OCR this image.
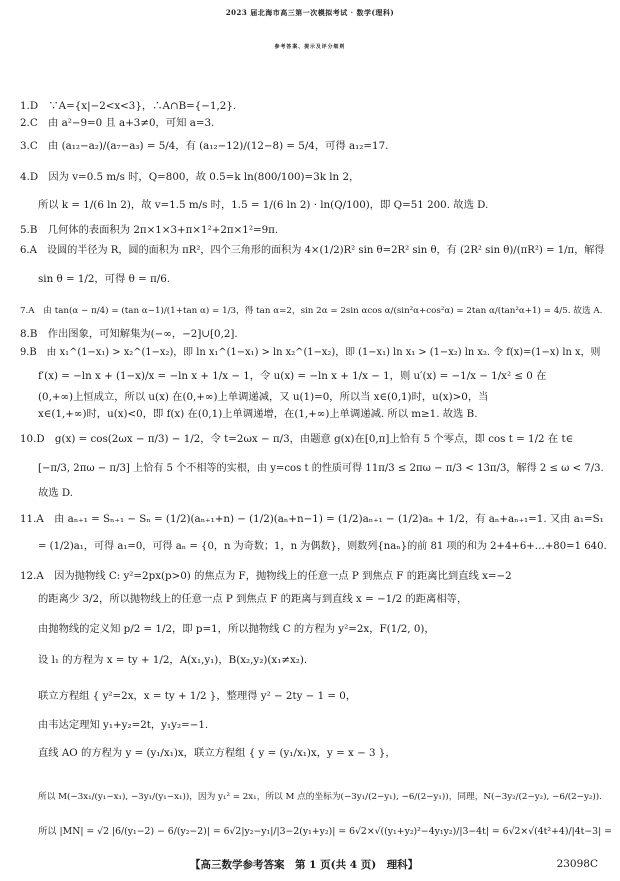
2023 届北海市高三第一次模拟考试 · 数学(理科)
参考答案、提示及评分细则
1.D　∵A={x|−2<x<3}，∴A∩B={−1,2}.
2.C　由 a²−9=0 且 a+3≠0，可知 a=3.
3.C　由 (a₁₂−a₂)/(a₇−a₃) = 5/4，有 (a₁₂−12)/(12−8) = 5/4，可得 a₁₂=17.
4.D　因为 v=0.5 m/s 时，Q=800，故 0.5=k ln(800/100)=3k ln 2，
所以 k = 1/(6 ln 2)，故 v=1.5 m/s 时，1.5 = 1/(6 ln 2) · ln(Q/100)，即 Q=51 200. 故选 D.
5.B　几何体的表面积为 2π×1×3+π×1²+2π×1²=9π.
6.A　设圆的半径为 R，圆的面积为 πR²，四个三角形的面积为 4×(1/2)R² sin θ=2R² sin θ，有 (2R² sin θ)/(πR²) = 1/π，解得
sin θ = 1/2，可得 θ = π/6.
7.A　由 tan(α − π/4) = (tan α−1)/(1+tan α) = 1/3，得 tan α=2，sin 2α = 2sin αcos α/(sin²α+cos²α) = 2tan α/(tan²α+1) = 4/5. 故选 A.
8.B　作出图象，可知解集为(−∞，−2]∪[0,2].
9.B　由 x₁^(1−x₁) > x₂^(1−x₂)，即 ln x₁^(1−x₁) > ln x₂^(1−x₂)，即 (1−x₁) ln x₁ > (1−x₂) ln x₂. 令 f(x)=(1−x) ln x，则
f′(x) = −ln x + (1−x)/x = −ln x + 1/x − 1，令 u(x) = −ln x + 1/x − 1，则 u′(x) = −1/x − 1/x² ≤ 0 在
(0,+∞)上恒成立，所以 u(x) 在(0,+∞)上单调递减，又 u(1)=0，所以当 x∈(0,1)时，u(x)>0，当
x∈(1,+∞)时，u(x)<0，即 f(x) 在(0,1)上单调递增，在(1,+∞)上单调递减. 所以 m≥1. 故选 B.
10.D　g(x) = cos(2ωx − π/3) − 1/2，令 t=2ωx − π/3，由题意 g(x)在[0,π]上恰有 5 个零点，即 cos t = 1/2 在 t∈
[−π/3, 2πω − π/3] 上恰有 5 个不相等的实根，由 y=cos t 的性质可得 11π/3 ≤ 2πω − π/3 < 13π/3，解得 2 ≤ ω < 7/3.
故选 D.
11.A　由 aₙ₊₁ = Sₙ₊₁ − Sₙ = (1/2)(aₙ₊₁+n) − (1/2)(aₙ+n−1) = (1/2)aₙ₊₁ − (1/2)aₙ + 1/2，有 aₙ+aₙ₊₁=1. 又由 a₁=S₁
= (1/2)a₁，可得 a₁=0，可得 aₙ = {0，n 为奇数；1，n 为偶数}，则数列{naₙ}的前 81 项的和为 2+4+6+…+80=1 640.
12.A　因为抛物线 C: y²=2px(p>0) 的焦点为 F，抛物线上的任意一点 P 到焦点 F 的距离比到直线 x=−2
的距离少 3/2，所以抛物线上的任意一点 P 到焦点 F 的距离与到直线 x = −1/2 的距离相等，
由抛物线的定义知 p/2 = 1/2，即 p=1，所以抛物线 C 的方程为 y²=2x，F(1/2, 0)，
设 l₁ 的方程为 x = ty + 1/2，A(x₁,y₁)，B(x₂,y₂)(x₁≠x₂).
联立方程组 { y²=2x，x = ty + 1/2 }，整理得 y² − 2ty − 1 = 0，
由韦达定理知 y₁+y₂=2t，y₁y₂=−1.
直线 AO 的方程为 y = (y₁/x₁)x，联立方程组 { y = (y₁/x₁)x，y = x − 3 }，
所以 M(−3x₁/(y₁−x₁), −3y₁/(y₁−x₁))，因为 y₁² = 2x₁，所以 M 点的坐标为(−3y₁/(2−y₁), −6/(2−y₁))，同理，N(−3y₂/(2−y₂), −6/(2−y₂)).
所以 |MN| = √2 |6/(y₁−2) − 6/(y₂−2)| = 6√2|y₂−y₁|/|3−2(y₁+y₂)| = 6√2×√((y₁+y₂)²−4y₁y₂)/|3−4t| = 6√2×√(4t²+4)/|4t−3| =
【高三数学参考答案　第 1 页(共 4 页)　理科】	23098C
